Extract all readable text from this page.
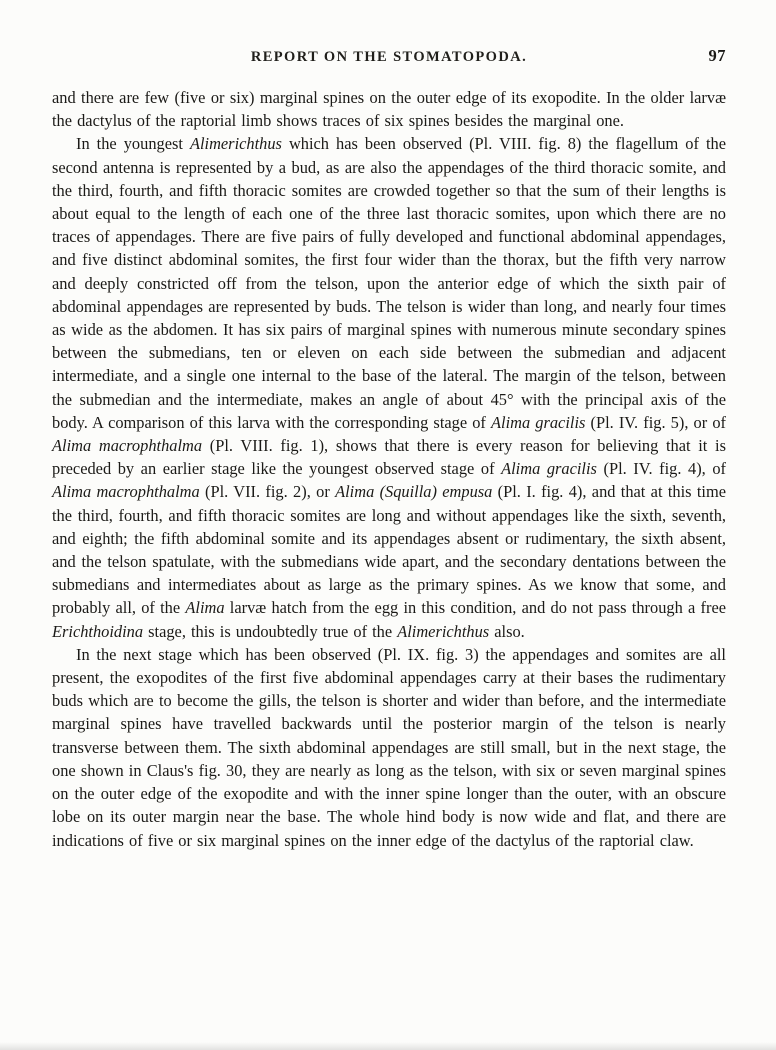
REPORT ON THE STOMATOPODA.	97

and there are few (five or six) marginal spines on the outer edge of its exopodite. In the older larvæ the dactylus of the raptorial limb shows traces of six spines besides the marginal one.

In the youngest Alimerichthus which has been observed (Pl. VIII. fig. 8) the flagellum of the second antenna is represented by a bud, as are also the appendages of the third thoracic somite, and the third, fourth, and fifth thoracic somites are crowded together so that the sum of their lengths is about equal to the length of each one of the three last thoracic somites, upon which there are no traces of appendages. There are five pairs of fully developed and functional abdominal appendages, and five distinct abdominal somites, the first four wider than the thorax, but the fifth very narrow and deeply constricted off from the telson, upon the anterior edge of which the sixth pair of abdominal appendages are represented by buds. The telson is wider than long, and nearly four times as wide as the abdomen. It has six pairs of marginal spines with numerous minute secondary spines between the submedians, ten or eleven on each side between the submedian and adjacent intermediate, and a single one internal to the base of the lateral. The margin of the telson, between the submedian and the intermediate, makes an angle of about 45° with the principal axis of the body. A comparison of this larva with the corresponding stage of Alima gracilis (Pl. IV. fig. 5), or of Alima macrophthalma (Pl. VIII. fig. 1), shows that there is every reason for believing that it is preceded by an earlier stage like the youngest observed stage of Alima gracilis (Pl. IV. fig. 4), of Alima macrophthalma (Pl. VII. fig. 2), or Alima (Squilla) empusa (Pl. I. fig. 4), and that at this time the third, fourth, and fifth thoracic somites are long and without appendages like the sixth, seventh, and eighth; the fifth abdominal somite and its appendages absent or rudimentary, the sixth absent, and the telson spatulate, with the submedians wide apart, and the secondary dentations between the submedians and intermediates about as large as the primary spines. As we know that some, and probably all, of the Alima larvæ hatch from the egg in this condition, and do not pass through a free Erichthoidina stage, this is undoubtedly true of the Alimerichthus also.

In the next stage which has been observed (Pl. IX. fig. 3) the appendages and somites are all present, the exopodites of the first five abdominal appendages carry at their bases the rudimentary buds which are to become the gills, the telson is shorter and wider than before, and the intermediate marginal spines have travelled backwards until the posterior margin of the telson is nearly transverse between them. The sixth abdominal appendages are still small, but in the next stage, the one shown in Claus's fig. 30, they are nearly as long as the telson, with six or seven marginal spines on the outer edge of the exopodite and with the inner spine longer than the outer, with an obscure lobe on its outer margin near the base. The whole hind body is now wide and flat, and there are indications of five or six marginal spines on the inner edge of the dactylus of the raptorial claw.
